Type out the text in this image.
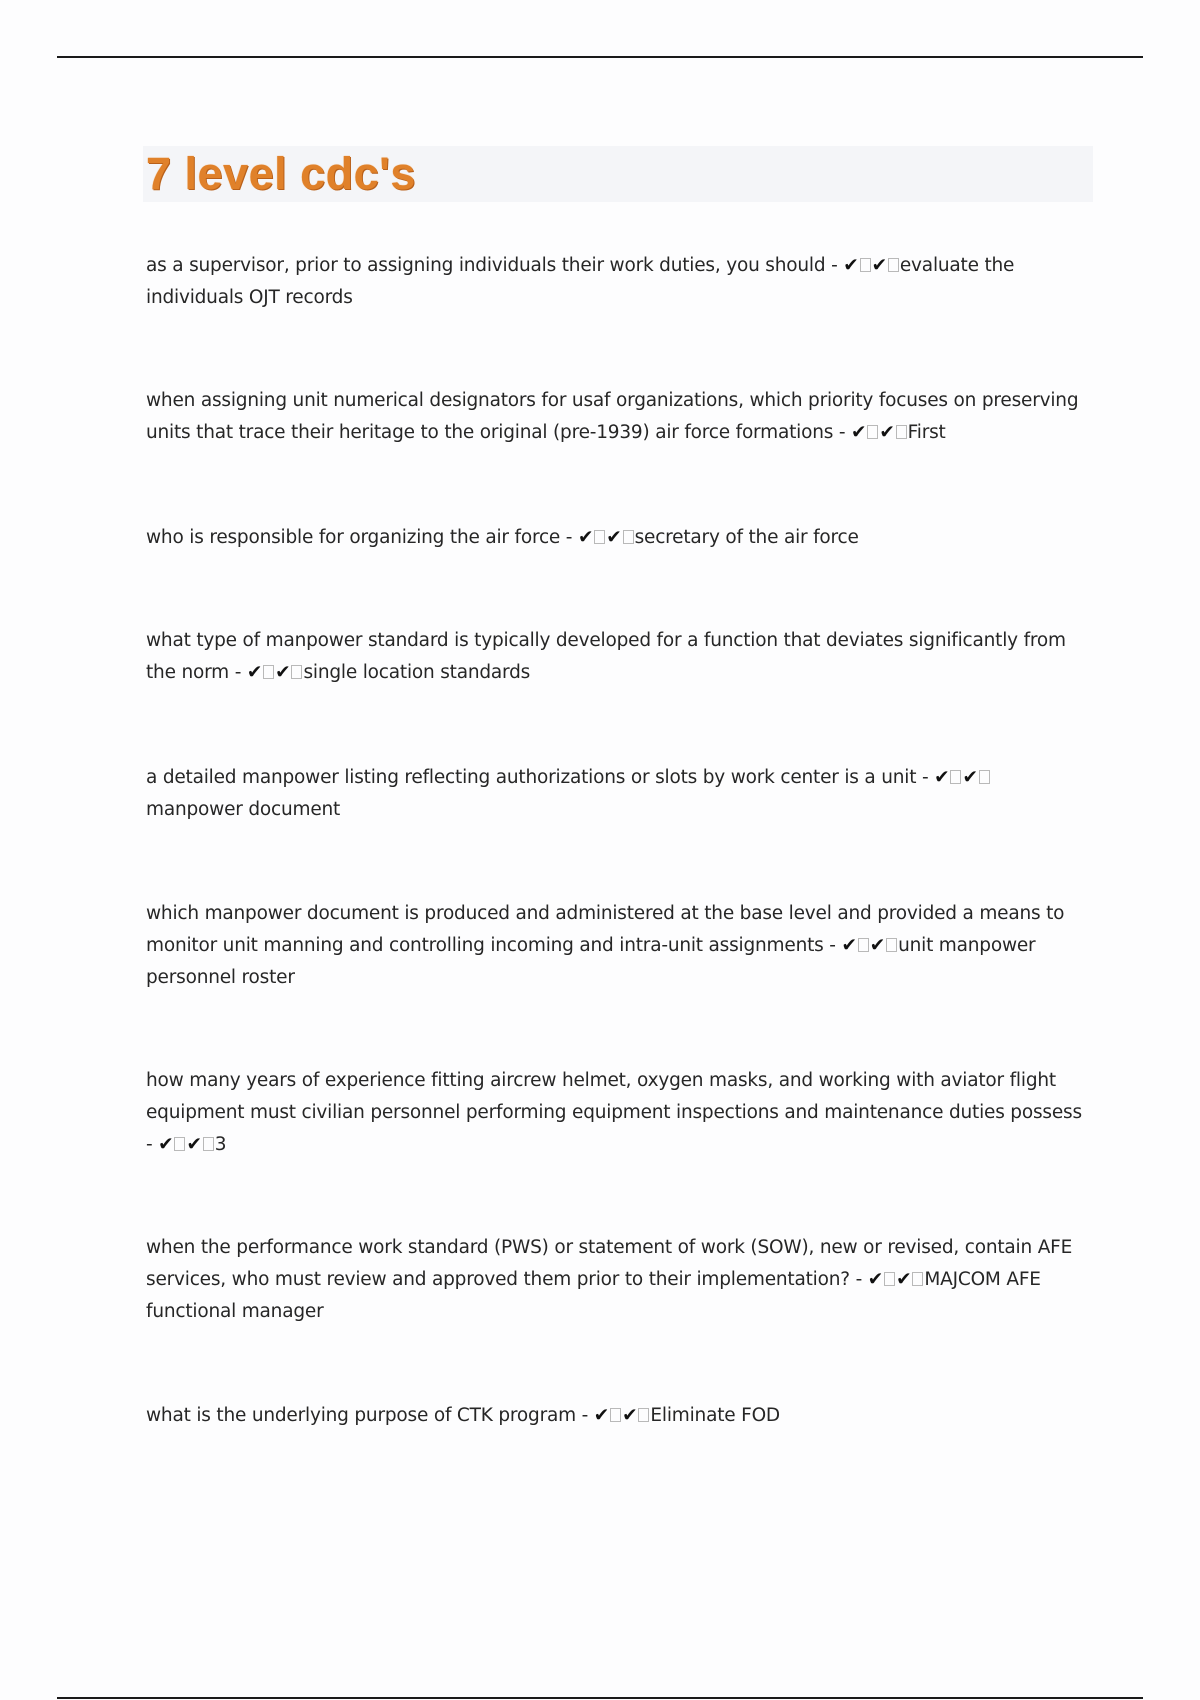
7 level cdc's

as a supervisor, prior to assigning individuals their work duties, you should - ✔ ✔ evaluate the individuals OJT records

when assigning unit numerical designators for usaf organizations, which priority focuses on preserving units that trace their heritage to the original (pre-1939) air force formations - ✔ ✔ First

who is responsible for organizing the air force - ✔ ✔ secretary of the air force

what type of manpower standard is typically developed for a function that deviates significantly from the norm - ✔ ✔ single location standards

a detailed manpower listing reflecting authorizations or slots by work center is a unit - ✔ ✔manpower document

which manpower document is produced and administered at the base level and provided a means to monitor unit manning and controlling incoming and intra-unit assignments - ✔ ✔ unit manpower personnel roster

how many years of experience fitting aircrew helmet, oxygen masks, and working with aviator flight equipment must civilian personnel performing equipment inspections and maintenance duties possess - ✔ ✔ 3

when the performance work standard (PWS) or statement of work (SOW), new or revised, contain AFE services, who must review and approved them prior to their implementation? - ✔ ✔ MAJCOM AFE functional manager

what is the underlying purpose of CTK program - ✔ ✔ Eliminate FOD
